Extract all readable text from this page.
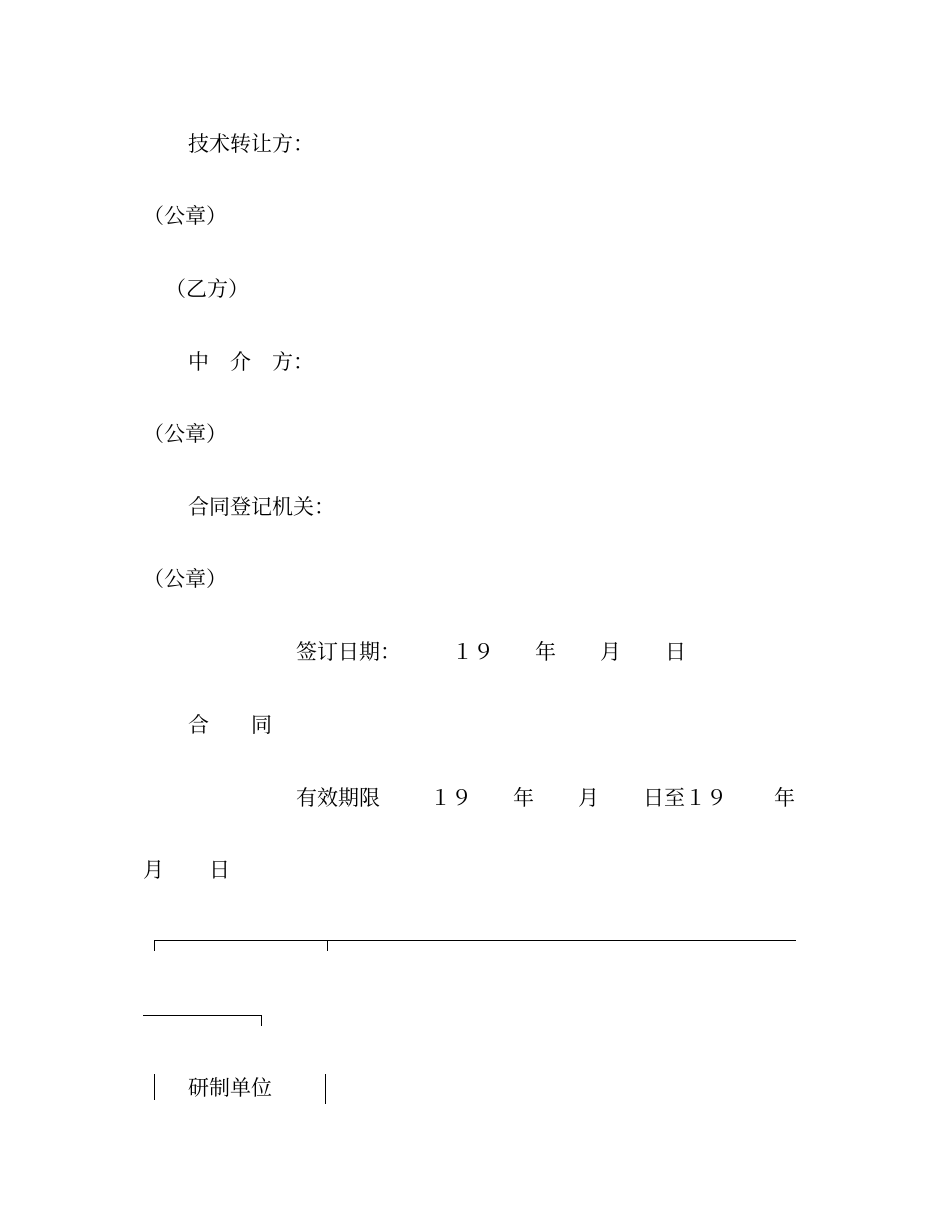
技术转让方：
（公章）
（乙方）
中　介　方：
（公章）
合同登记机关：
（公章）
签订日期： １９ 年 月 日
合　　同
有效期限 １９ 年 月 日至１９ 年
月 日
研制单位
